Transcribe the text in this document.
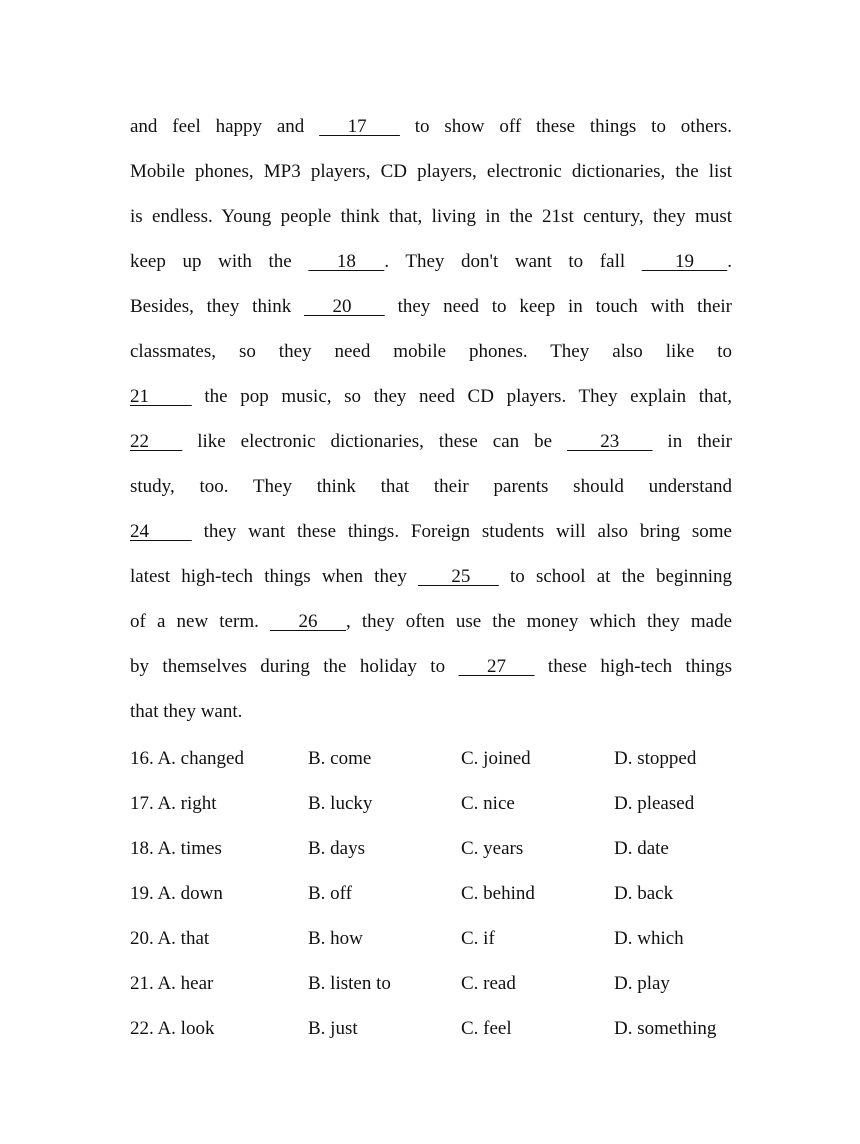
and feel happy and       17        to show off these things to others.
Mobile phones, MP3 players, CD players, electronic dictionaries, the list
is endless. Young people think that, living in the 21st century, they must
keep up with the       18      . They don't want to fall        19       .
Besides, they think       20        they need to keep in touch with their
classmates, so they need mobile phones. They also like to
21          the pop music, so they need CD players. They explain that,
22        like electronic dictionaries, these can be        23        in their
study, too. They think that their parents should understand
24          they want these things. Foreign students will also bring some
latest high-tech things when they        25       to school at the beginning
of a new term.       26      , they often use the money which they made
by themselves during the holiday to       27       these high-tech things
that they want.
16. A. changed	B. come	C. joined	D. stopped
17. A. right	B. lucky	C. nice	D. pleased
18. A. times	B. days	C. years	D. date
19. A. down	B. off	C. behind	D. back
20. A. that	B. how	C. if	D. which
21. A. hear	B. listen to	C. read	D. play
22. A. look	B. just	C. feel	D. something
